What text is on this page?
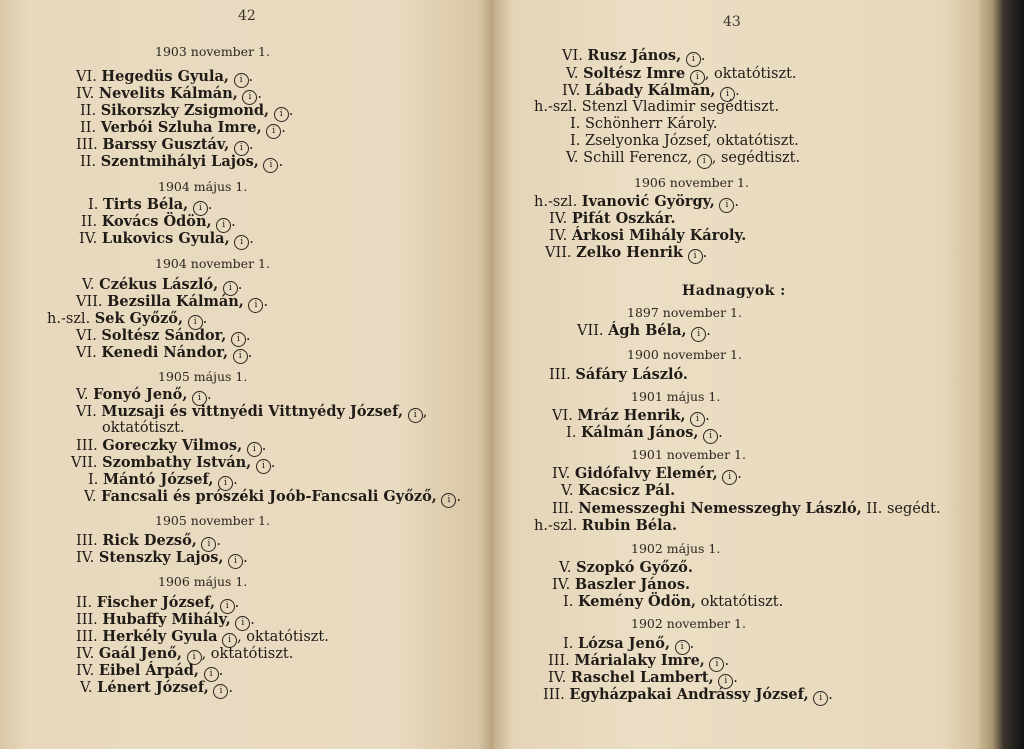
42
1903 november 1.
VI. Hegedüs Gyula, i .
IV. Nevelits Kálmán, i .
II. Sikorszky Zsigmond, i .
II. Verbói Szluha Imre, i .
III. Barssy Gusztáv, i .
II. Szentmihályi Lajos, i .
1904 május 1.
I. Tirts Béla, i .
II. Kovács Ödön, i .
IV. Lukovics Gyula, i .
1904 november 1.
V. Czékus László, i .
VII. Bezsilla Kálmán, i .
h.-szl. Sek Győző, i .
VI. Soltész Sándor, i .
VI. Kenedi Nándor, i .
1905 május 1.
V. Fonyó Jenő, i .
VI. Muzsaji és vittnyédi Vittnyédy József, i ,
oktatótiszt.
III. Goreczky Vilmos, i .
VII. Szombathy István, i .
I. Mántó József, i .
V. Fancsali és prószéki Joób-Fancsali Győző, i .
1905 november 1.
III. Rick Dezső, i .
IV. Stenszky Lajos, i .
1906 május 1.
II. Fischer József, i .
III. Hubaffy Mihály, i .
III. Herkély Gyula i , oktatótiszt.
IV. Gaál Jenő, i , oktatótiszt.
IV. Eibel Árpád, i .
V. Lénert József, i .
43
VI. Rusz János, i .
V. Soltész Imre i , oktatótiszt.
IV. Lábady Kálmán, i .
h.-szl. Stenzl Vladimir segédtiszt.
I. Schönherr Károly.
I. Zselyonka József, oktatótiszt.
V. Schill Ferencz, i , segédtiszt.
1906 november 1.
h.-szl. Ivanović György, i .
IV. Pifát Oszkár.
IV. Árkosi Mihály Károly.
VII. Zelko Henrik i .
Hadnagyok :
1897 november 1.
VII. Ágh Béla, i .
1900 november 1.
III. Sáfáry László.
1901 május 1.
VI. Mráz Henrik, i .
I. Kálmán János, i .
1901 november 1.
IV. Gidófalvy Elemér, i .
V. Kacsicz Pál.
III. Nemesszeghi Nemesszeghy László, II. segédt.
h.-szl. Rubin Béla.
1902 május 1.
V. Szopkó Győző.
IV. Baszler János.
I. Kemény Ödön, oktatótiszt.
1902 november 1.
I. Lózsa Jenő, i .
III. Márialaky Imre, i .
IV. Raschel Lambert, i .
III. Egyházpakai Andrássy József, i .
